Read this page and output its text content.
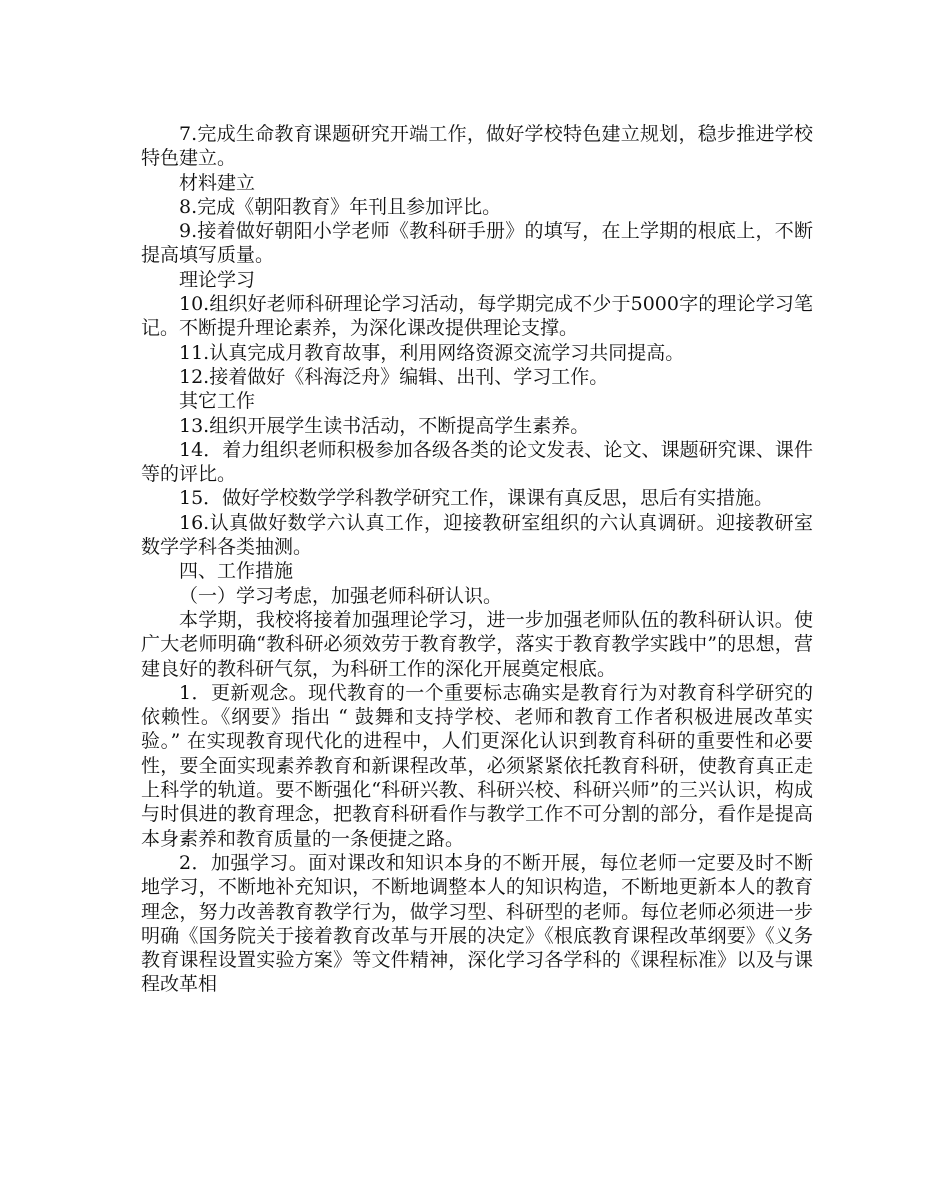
7.完成生命教育课题研究开端工作，做好学校特色建立规划，稳步推进学校特色建立。

材料建立

8.完成《朝阳教育》年刊且参加评比。

9.接着做好朝阳小学老师《教科研手册》的填写，在上学期的根底上，不断提高填写质量。

理论学习

10.组织好老师科研理论学习活动，每学期完成不少于5000字的理论学习笔记。不断提升理论素养，为深化课改提供理论支撑。

11.认真完成月教育故事，利用网络资源交流学习共同提高。

12.接着做好《科海泛舟》编辑、出刊、学习工作。

其它工作

13.组织开展学生读书活动，不断提高学生素养。

14．着力组织老师积极参加各级各类的论文发表、论文、课题研究课、课件等的评比。

15．做好学校数学学科教学研究工作，课课有真反思，思后有实措施。

16.认真做好数学六认真工作，迎接教研室组织的六认真调研。迎接教研室数学学科各类抽测。

四、工作措施

（一）学习考虑，加强老师科研认识。

本学期，我校将接着加强理论学习，进一步加强老师队伍的教科研认识。使广大老师明确“教科研必须效劳于教育教学，落实于教育教学实践中”的思想，营建良好的教科研气氛，为科研工作的深化开展奠定根底。

1．更新观念。现代教育的一个重要标志确实是教育行为对教育科学研究的依赖性。《纲要》指出 “ 鼓舞和支持学校、老师和教育工作者积极进展改革实验。” 在实现教育现代化的进程中，人们更深化认识到教育科研的重要性和必要性，要全面实现素养教育和新课程改革，必须紧紧依托教育科研，使教育真正走上科学的轨道。要不断强化“科研兴教、科研兴校、科研兴师”的三兴认识，构成与时俱进的教育理念，把教育科研看作与教学工作不可分割的部分，看作是提高本身素养和教育质量的一条便捷之路。

2．加强学习。面对课改和知识本身的不断开展，每位老师一定要及时不断地学习，不断地补充知识，不断地调整本人的知识构造，不断地更新本人的教育理念，努力改善教育教学行为，做学习型、科研型的老师。每位老师必须进一步明确《国务院关于接着教育改革与开展的决定》《根底教育课程改革纲要》《义务教育课程设置实验方案》等文件精神，深化学习各学科的《课程标准》以及与课程改革相
